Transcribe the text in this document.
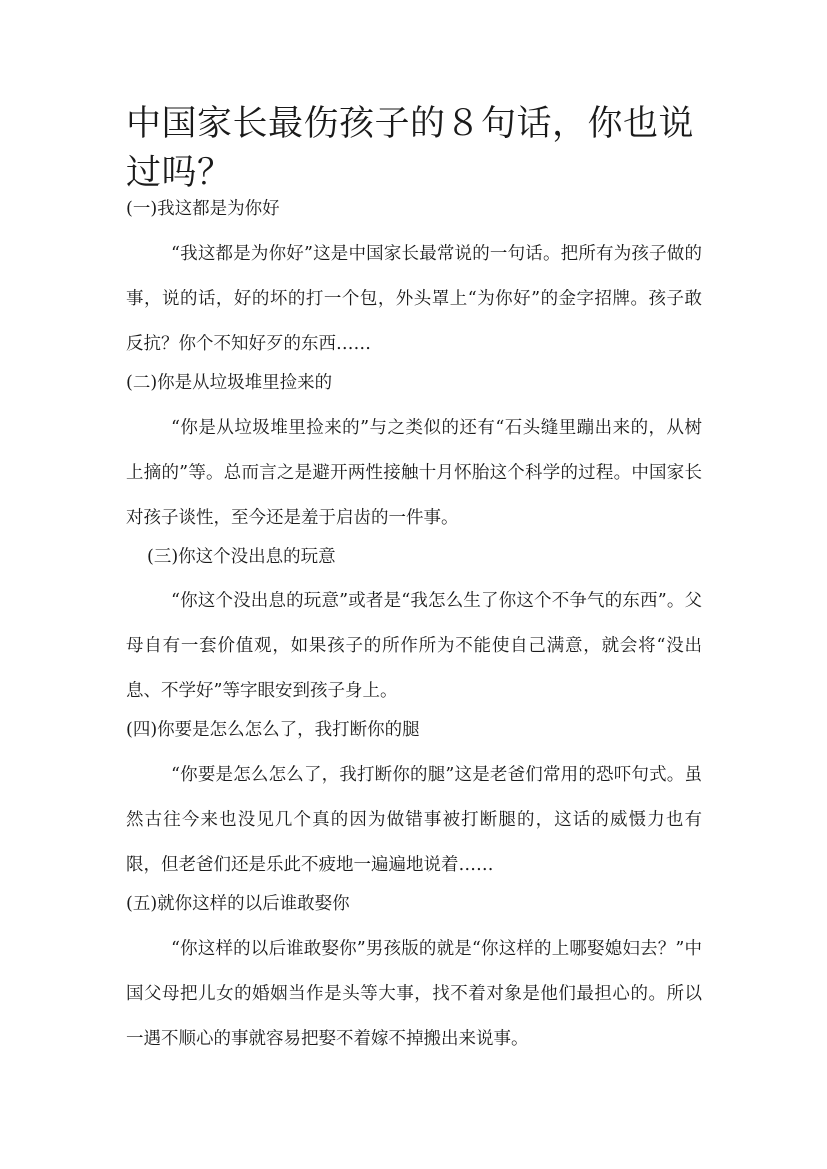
中国家长最伤孩子的８句话，你也说过吗？
(一)我这都是为你好

“我这都是为你好”这是中国家长最常说的一句话。把所有为孩子做的事，说的话，好的坏的打一个包，外头罩上“为你好”的金字招牌。孩子敢反抗？你个不知好歹的东西……

(二)你是从垃圾堆里捡来的

“你是从垃圾堆里捡来的”与之类似的还有“石头缝里蹦出来的，从树上摘的”等。总而言之是避开两性接触十月怀胎这个科学的过程。中国家长对孩子谈性，至今还是羞于启齿的一件事。

(三)你这个没出息的玩意

“你这个没出息的玩意”或者是“我怎么生了你这个不争气的东西”。父母自有一套价值观，如果孩子的所作所为不能使自己满意，就会将“没出息、不学好”等字眼安到孩子身上。

(四)你要是怎么怎么了，我打断你的腿

“你要是怎么怎么了，我打断你的腿”这是老爸们常用的恐吓句式。虽然古往今来也没见几个真的因为做错事被打断腿的，这话的威慑力也有限，但老爸们还是乐此不疲地一遍遍地说着……

(五)就你这样的以后谁敢娶你

“你这样的以后谁敢娶你”男孩版的就是“你这样的上哪娶媳妇去？”中国父母把儿女的婚姻当作是头等大事，找不着对象是他们最担心的。所以一遇不顺心的事就容易把娶不着嫁不掉搬出来说事。
